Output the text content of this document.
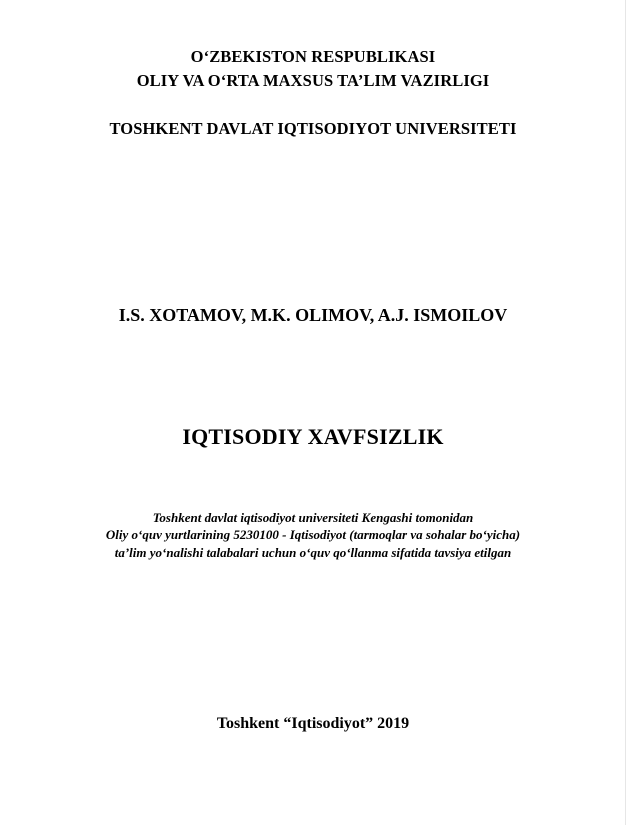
O‘ZBEKISTON RESPUBLIKASI
OLIY VA O‘RTA MAXSUS TA’LIM VAZIRLIGI
TOSHKENT DAVLAT IQTISODIYOT UNIVERSITETI
I.S. XOTAMOV, M.K. OLIMOV, A.J. ISMOILOV
IQTISODIY XAVFSIZLIK
Toshkent davlat iqtisodiyot universiteti Kengashi tomonidan
Oliy o‘quv yurtlarining 5230100 - Iqtisodiyot (tarmoqlar va sohalar bo‘yicha)
ta’lim yo‘nalishi talabalari uchun o‘quv qo‘llanma sifatida tavsiya etilgan
Toshkent “Iqtisodiyot” 2019
